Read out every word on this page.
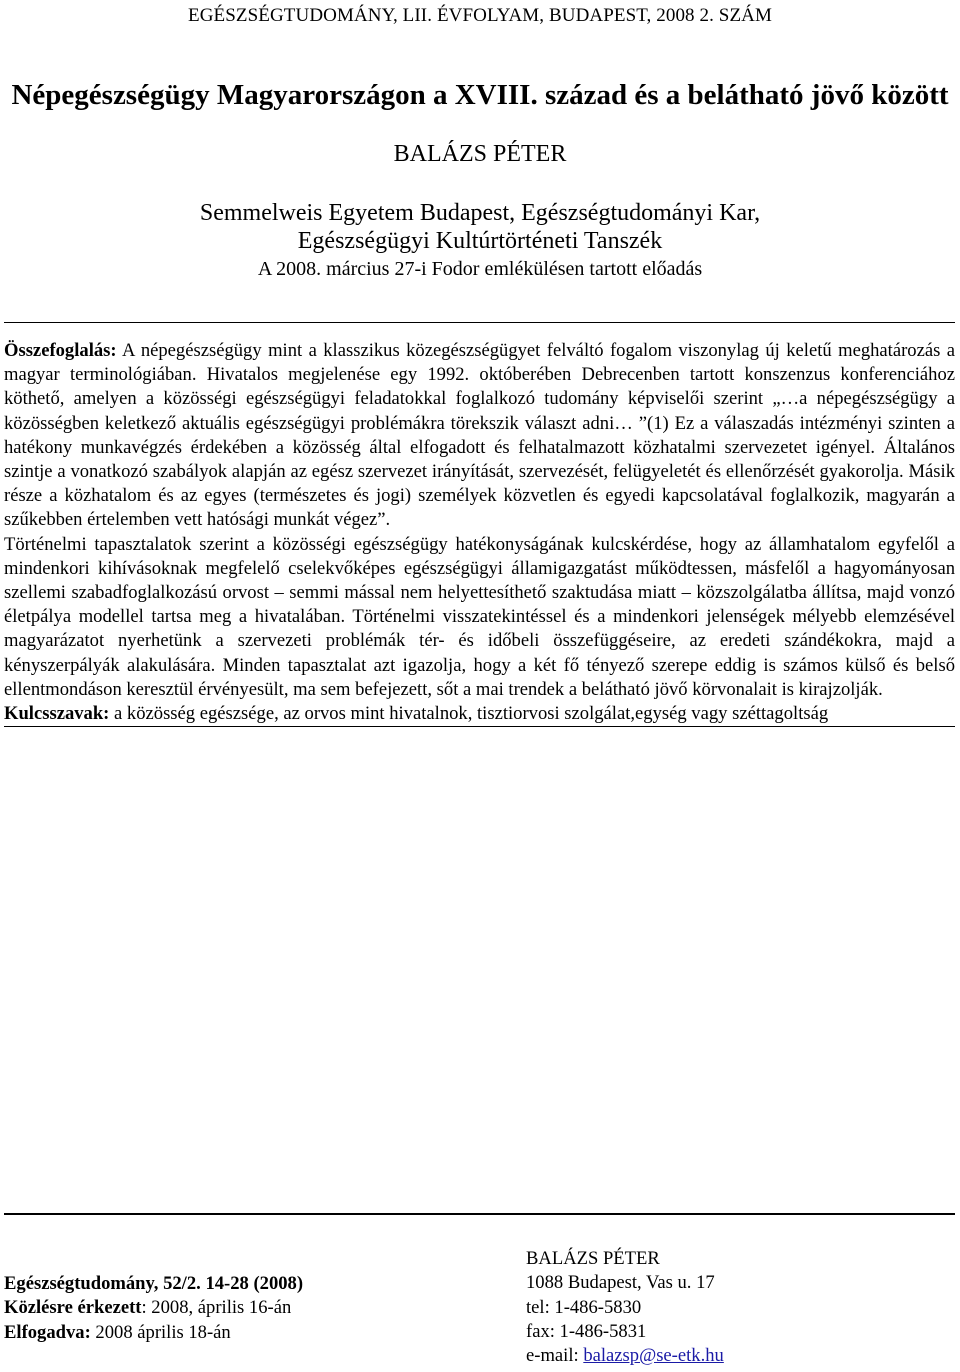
EGÉSZSÉGTUDOMÁNY, LII. ÉVFOLYAM, BUDAPEST, 2008 2. SZÁM
Népegészségügy Magyarországon a XVIII. század és a belátható jövő között
BALÁZS PÉTER
Semmelweis Egyetem Budapest, Egészségtudományi Kar,
Egészségügyi Kultúrtörténeti Tanszék
A 2008. március 27-i Fodor emlékülésen tartott előadás

Összefoglalás: A népegészségügy mint a klasszikus közegészségügyet felváltó fogalom viszonylag új keletű meghatározás a magyar terminológiában. Hivatalos megjelenése egy 1992. októberében Debrecenben tartott konszenzus konferenciához köthető, amelyen a közösségi egészségügyi feladatokkal foglalkozó tudomány képviselői szerint „…a népegészségügy a közösségben keletkező aktuális egészségügyi problémákra törekszik választ adni… ”(1) Ez a válaszadás intézményi szinten a hatékony munkavégzés érdekében a közösség által elfogadott és felhatalmazott közhatalmi szervezetet igényel. Általános szintje a vonatkozó szabályok alapján az egész szervezet irányítását, szervezését, felügyeletét és ellenőrzését gyakorolja. Másik része a közhatalom és az egyes (természetes és jogi) személyek közvetlen és egyedi kapcsolatával foglalkozik, magyarán a szűkebben értelemben vett hatósági munkát végez”.

Történelmi tapasztalatok szerint a közösségi egészségügy hatékonyságának kulcskérdése, hogy az államhatalom egyfelől a mindenkori kihívásoknak megfelelő cselekvőképes egészségügyi államigazgatást működtessen, másfelől a hagyományosan szellemi szabadfoglalkozású orvost – semmi mással nem helyettesíthető szaktudása miatt – közszolgálatba állítsa, majd vonzó életpálya modellel tartsa meg a hivatalában. Történelmi visszatekintéssel és a mindenkori jelenségek mélyebb elemzésével magyarázatot nyerhetünk a szervezeti problémák tér- és időbeli összefüggéseire, az eredeti szándékokra, majd a kényszerpályák alakulására. Minden tapasztalat azt igazolja, hogy a két fő tényező szerepe eddig is számos külső és belső ellentmondáson keresztül érvényesült, ma sem befejezett, sőt a mai trendek a belátható jövő körvonalait is kirajzolják.

Kulcsszavak: a közösség egészsége, az orvos mint hivatalnok, tisztiorvosi szolgálat,egység vagy széttagoltság

Egészségtudomány, 52/2. 14-28 (2008)
Közlésre érkezett: 2008, április 16-án
Elfogadva: 2008 április 18-án
BALÁZS PÉTER
1088 Budapest, Vas u. 17
tel: 1-486-5830
fax: 1-486-5831
e-mail: balazsp@se-etk.hu
